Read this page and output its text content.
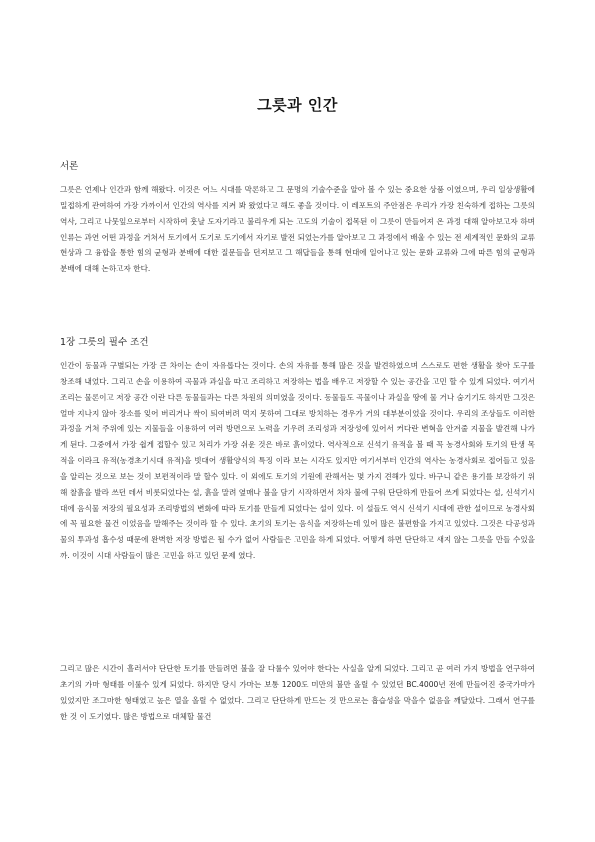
그릇과 인간
서론

그릇은 언제나 인간과 함께 해왔다. 이것은 어느 시대를 막론하고 그 문명의 기술수준을 알아 볼 수 있는 중요한 상품 이였으며, 우리 일상생활에 밀접하게 관여하여 가장 가까이서 인간의 역사를 지켜 봐 왔었다고 해도 좋을 것이다. 이 레포트의 주안점은 우리가 가장 친숙하게 접하는 그릇의 역사, 그리고 나뭇잎으로부터 시작하여 훗날 도자기라고 불리우게 되는 고도의 기술이 접목된 이 그릇이 만들어져 온 과정 대해 알아보고자 하며 인류는 과연 어떤 과정을 거쳐서 토기에서 도기로 도기에서 자기로 발전 되었는가를 알아보고 그 과정에서 배울 수 있는 전 세계적인 문화의 교류현상과 그 융합을 통한 힘의 균형과 분배에 대한 질문들을 던져보고 그 해답들을 통해 현대에 일어나고 있는 문화 교류와 그에 따른 힘의 균형과 분배에 대해 논하고자 한다.

1장 그릇의 필수 조건

인간이 동물과 구별되는 가장 큰 차이는 손이 자유롭다는 것이다. 손의 자유를 통해 많은 것을 발견하였으며 스스로도 편한 생활을 찾아 도구를 창조해 내었다. 그리고 손을 이용하여 곡물과 과실을 따고 조리하고 저장하는 법을 배우고 저장할 수 있는 공간을 고민 할 수 있게 되었다. 여기서 조리는 물론이고 저장 공간 이란 다른 동물들과는 다른 차원의 의미였을 것이다. 동물들도 곡물이나 과실을 땅에 물 거나 숨기기도 하지만 그것은 얼마 지나지 않아 장소를 잊어 버리거나 싹이 틔여버려 먹지 못하여 그대로 방치하는 경우가 거의 대부분이었을 것이다. 우리의 조상들도 이러한 과정을 거쳐 주위에 있는 지물들을 이용하여 여러 방면으로 노력을 기우려 조리성과 저장성에 있어서 커다란 변혁을 안겨줄 지물을 발견해 나가게 된다. 그중에서 가장 쉽게 접할수 있고 처리가 가장 쉬운 것은 바로 흙이었다. 역사적으로 신석기 유적을 볼 때 꼭 농경사회와 토기의 탄생 목적을 이라크 유적(농경초기시대 유적)을 빗대어 생활양식의 특징 이라 보는 시각도 있지만 여기서부터 인간의 역사는 농경사회로 접어들고 있음을 알리는 것으로 보는 것이 보편적이라 말 할수 있다. 이 외에도 토기의 기원에 관해서는 몇 가지 견해가 있다. 바구니 같은 용기를 보강하기 위해 찰흙을 발라 쓰던 데서 비롯되었다는 설, 흙을 말려 옆매나 불을 담기 시작하면서 차차 불에 구워 단단하게 만들어 쓰게 되었다는 설, 신석기시대에 음식물 저장의 필요성과 조리방법의 변화에 따라 토기를 만들게 되었다는 설이 있다. 이 설들도 역시 신석기 시대에 관한 설이므로 농경사회에 꼭 필요한 물건 이었음을 말해주는 것이라 할 수 있다. 초기의 토기는 음식을 저장하는데 있어 많은 불편함을 가지고 있었다. 그것은 다공성과 물의 투과성 흡수성 때문에 완벽한 저장 방법은 될 수가 없어 사람들은 고민을 하게 되었다. 어떻게 하면 단단하고 새지 않는 그릇을 만들 수있을까. 이것이 시대 사람들이 많은 고민을 하고 있던 문제 였다.

그리고 많은 시간이 흘러서야 단단한 토기를 만들려면 불을 잘 다룰수 있어야 한다는 사실을 알게 되었다. 그리고 곧 여러 가지 방법을 연구하여 초기의 가마 형태를 이룰수 있게 되었다. 하지만 당시 가마는 보통 1200도 미만의 불만 올릴 수 있었던 BC.4000년 전에 만들어진 중국가마가 있었지만 조그마한 형태였고 높은 열을 올릴 수 없었다. 그리고 단단하게 만드는 것 만으로는 흡습성을 막을수 없음을 깨달았다. 그래서 연구를 한 것 이 도기였다. 많은 방법으로 대체할 물건
